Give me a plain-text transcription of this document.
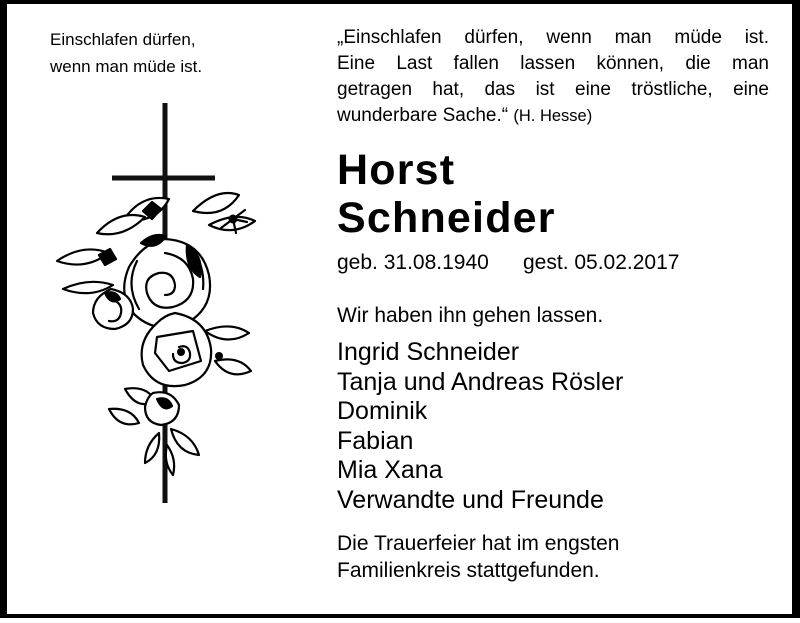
Einschlafen dürfen,
wenn man müde ist.
„Einschlafen dürfen, wenn man müde ist.
Eine Last fallen lassen können, die man
getragen hat, das ist eine tröstliche, eine
wunderbare Sache.“ (H. Hesse)
Horst
Schneider
geb. 31.08.1940 gest. 05.02.2017
Wir haben ihn gehen lassen.
Ingrid Schneider
Tanja und Andreas Rösler
Dominik
Fabian
Mia Xana
Verwandte und Freunde
Die Trauerfeier hat im engsten
Familienkreis stattgefunden.
